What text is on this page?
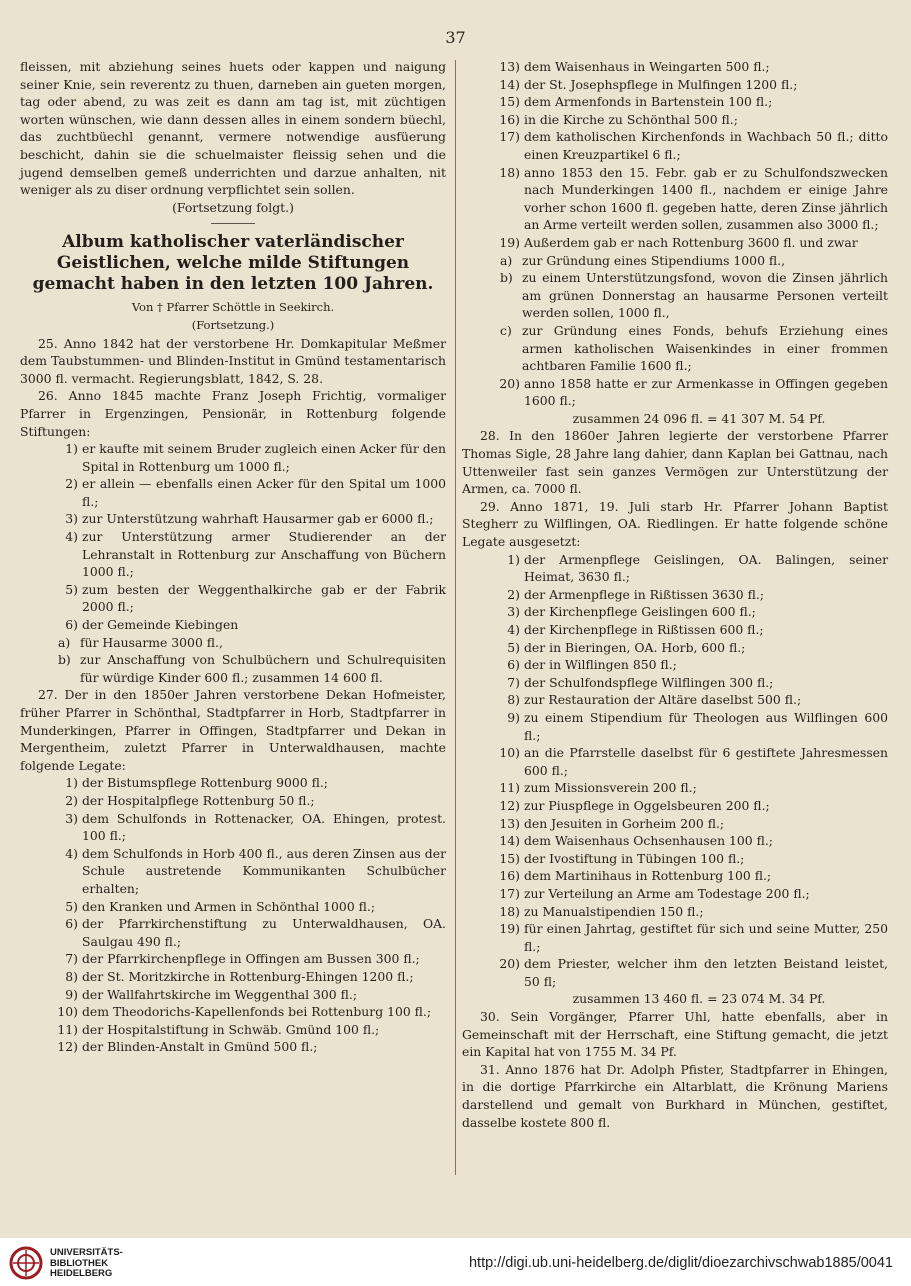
37

fleissen, mit abziehung seines huets oder kappen und naigung seiner Knie, sein reverentz zu thuen, darneben ain gueten morgen, tag oder abend, zu was zeit es dann am tag ist, mit züchtigen worten wünschen, wie dann dessen alles in einem sondern büechl, das zuchtbüechl genannt, vermere notwendige ausfüerung beschicht, dahin sie die schuelmaister fleissig sehen und die jugend demselben gemeß underrichten und darzue anhalten, nit weniger als zu diser ordnung verpflichtet sein sollen.

(Fortsetzung folgt.)

Album katholischer vaterländischer Geistlichen, welche milde Stiftungen gemacht haben in den letzten 100 Jahren.

Von † Pfarrer Schöttle in Seekirch.

(Fortsetzung.)

25. Anno 1842 hat der verstorbene Hr. Domkapitular Meßmer dem Taubstummen- und Blinden-Institut in Gmünd testamentarisch 3000 fl. vermacht. Regierungsblatt, 1842, S. 28.

26. Anno 1845 machte Franz Joseph Frichtig, vormaliger Pfarrer in Ergenzingen, Pensionär, in Rottenburg folgende Stiftungen:

1) er kaufte mit seinem Bruder zugleich einen Acker für den Spital in Rottenburg um 1000 fl.;
2) er allein — ebenfalls einen Acker für den Spital um 1000 fl.;
3) zur Unterstützung wahrhaft Hausarmer gab er 6000 fl.;
4) zur Unterstützung armer Studierender an der Lehranstalt in Rottenburg zur Anschaffung von Büchern 1000 fl.;
5) zum besten der Weggenthalkirche gab er der Fabrik 2000 fl.;
6) der Gemeinde Kiebingen
a) für Hausarme 3000 fl.,
b) zur Anschaffung von Schulbüchern und Schulrequisiten für würdige Kinder 600 fl.; zusammen 14 600 fl.

27. Der in den 1850er Jahren verstorbene Dekan Hofmeister, früher Pfarrer in Schönthal, Stadtpfarrer in Horb, Stadtpfarrer in Munderkingen, Pfarrer in Offingen, Stadtpfarrer und Dekan in Mergentheim, zuletzt Pfarrer in Unterwaldhausen, machte folgende Legate:

1) der Bistumspflege Rottenburg 9000 fl.;
2) der Hospitalpflege Rottenburg 50 fl.;
3) dem Schulfonds in Rottenacker, OA. Ehingen, protest. 100 fl.;
4) dem Schulfonds in Horb 400 fl., aus deren Zinsen aus der Schule austretende Kommunikanten Schulbücher erhalten;
5) den Kranken und Armen in Schönthal 1000 fl.;
6) der Pfarrkirchenstiftung zu Unterwaldhausen, OA. Saulgau 490 fl.;
7) der Pfarrkirchenpflege in Offingen am Bussen 300 fl.;
8) der St. Moritzkirche in Rottenburg-Ehingen 1200 fl.;
9) der Wallfahrtskirche im Weggenthal 300 fl.;
10) dem Theodorichs-Kapellenfonds bei Rottenburg 100 fl.;
11) der Hospitalstiftung in Schwäb. Gmünd 100 fl.;
12) der Blinden-Anstalt in Gmünd 500 fl.;
13) dem Waisenhaus in Weingarten 500 fl.;
14) der St. Josephspflege in Mulfingen 1200 fl.;
15) dem Armenfonds in Bartenstein 100 fl.;
16) in die Kirche zu Schönthal 500 fl.;
17) dem katholischen Kirchenfonds in Wachbach 50 fl.; ditto einen Kreuzpartikel 6 fl.;
18) anno 1853 den 15. Febr. gab er zu Schulfondszwecken nach Munderkingen 1400 fl., nachdem er einige Jahre vorher schon 1600 fl. gegeben hatte, deren Zinse jährlich an Arme verteilt werden sollen, zusammen also 3000 fl.;
19) Außerdem gab er nach Rottenburg 3600 fl. und zwar
a) zur Gründung eines Stipendiums 1000 fl.,
b) zu einem Unterstützungsfond, wovon die Zinsen jährlich am grünen Donnerstag an hausarme Personen verteilt werden sollen, 1000 fl.,
c) zur Gründung eines Fonds, behufs Erziehung eines armen katholischen Waisenkindes in einer frommen achtbaren Familie 1600 fl.;
20) anno 1858 hatte er zur Armenkasse in Offingen gegeben 1600 fl.;

zusammen 24 096 fl. = 41 307 M. 54 Pf.

28. In den 1860er Jahren legierte der verstorbene Pfarrer Thomas Sigle, 28 Jahre lang dahier, dann Kaplan bei Gattnau, nach Uttenweiler fast sein ganzes Vermögen zur Unterstützung der Armen, ca. 7000 fl.

29. Anno 1871, 19. Juli starb Hr. Pfarrer Johann Baptist Stegherr zu Wilflingen, OA. Riedlingen. Er hatte folgende schöne Legate ausgesetzt:

1) der Armenpflege Geislingen, OA. Balingen, seiner Heimat, 3630 fl.;
2) der Armenpflege in Rißtissen 3630 fl.;
3) der Kirchenpflege Geislingen 600 fl.;
4) der Kirchenpflege in Rißtissen 600 fl.;
5) der in Bieringen, OA. Horb, 600 fl.;
6) der in Wilflingen 850 fl.;
7) der Schulfondspflege Wilflingen 300 fl.;
8) zur Restauration der Altäre daselbst 500 fl.;
9) zu einem Stipendium für Theologen aus Wilflingen 600 fl.;
10) an die Pfarrstelle daselbst für 6 gestiftete Jahresmessen 600 fl.;
11) zum Missionsverein 200 fl.;
12) zur Piuspflege in Oggelsbeuren 200 fl.;
13) den Jesuiten in Gorheim 200 fl.;
14) dem Waisenhaus Ochsenhausen 100 fl.;
15) der Ivostiftung in Tübingen 100 fl.;
16) dem Martinihaus in Rottenburg 100 fl.;
17) zur Verteilung an Arme am Todestage 200 fl.;
18) zu Manualstipendien 150 fl.;
19) für einen Jahrtag, gestiftet für sich und seine Mutter, 250 fl.;
20) dem Priester, welcher ihm den letzten Beistand leistet, 50 fl;

zusammen 13 460 fl. = 23 074 M. 34 Pf.

30. Sein Vorgänger, Pfarrer Uhl, hatte ebenfalls, aber in Gemeinschaft mit der Herrschaft, eine Stiftung gemacht, die jetzt ein Kapital hat von 1755 M. 34 Pf.

31. Anno 1876 hat Dr. Adolph Pfister, Stadtpfarrer in Ehingen, in die dortige Pfarrkirche ein Altarblatt, die Krönung Mariens darstellend und gemalt von Burkhard in München, gestiftet, dasselbe kostete 800 fl.

UNIVERSITÄTS-
BIBLIOTHEK
HEIDELBERG
http://digi.ub.uni-heidelberg.de/diglit/dioezarchivschwab1885/0041
